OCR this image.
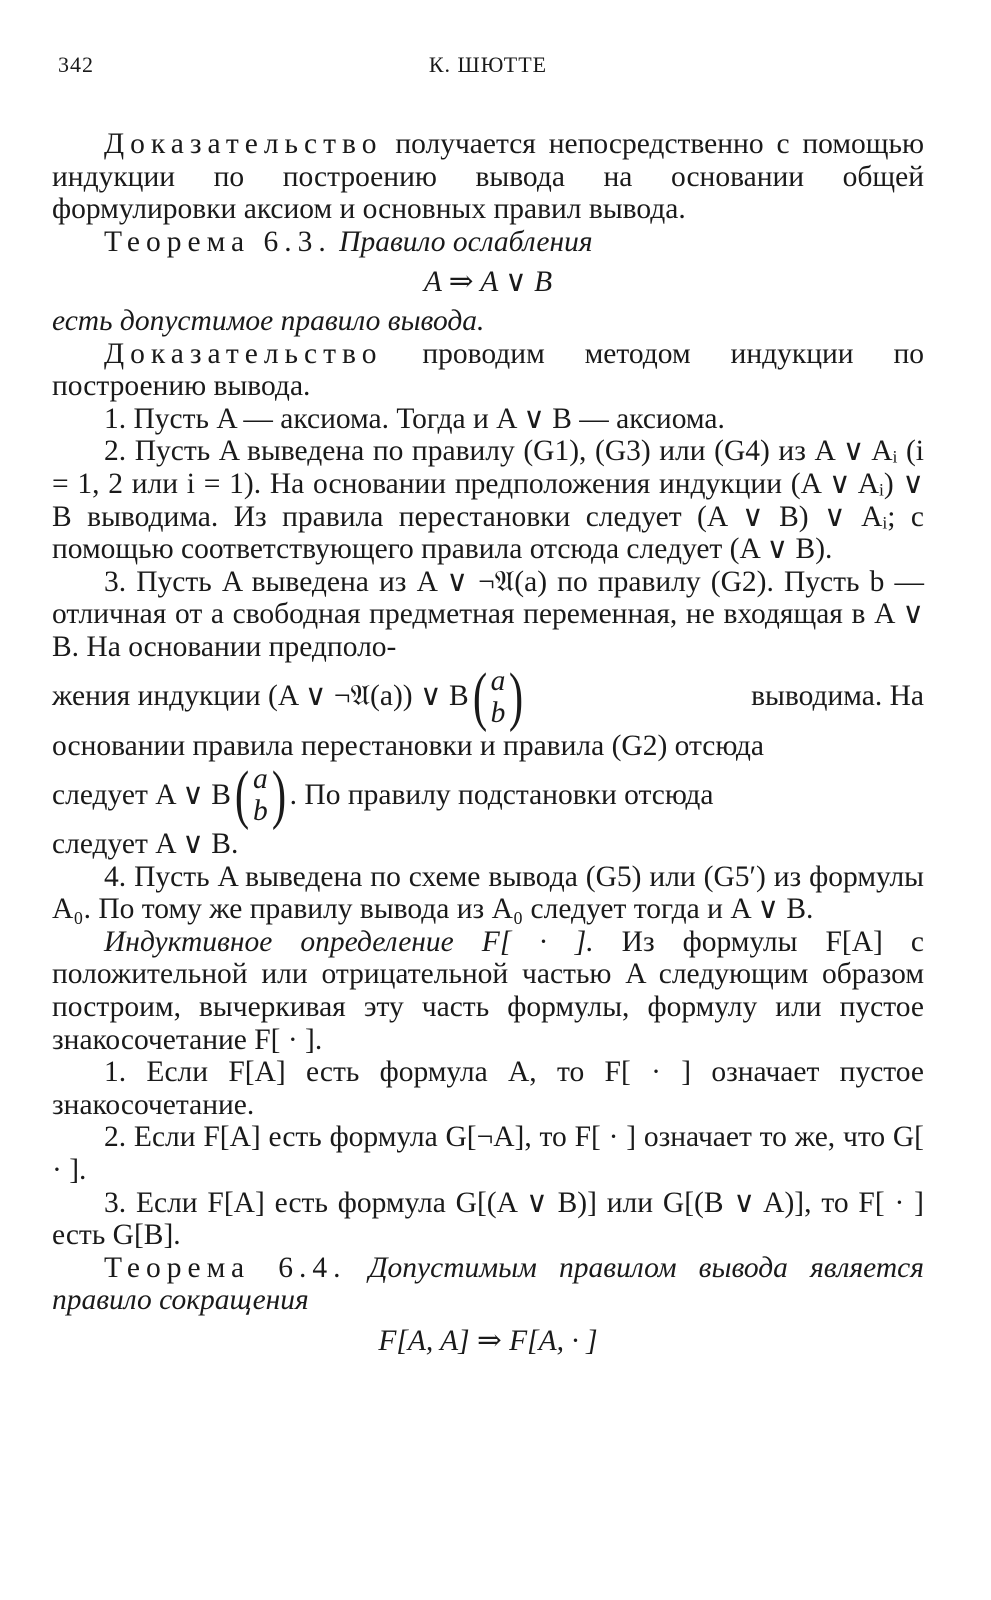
342	К. ШЮТТЕ

Доказательство получается непосредственно с помощью индукции по построению вывода на основании общей формулировки аксиом и основных правил вывода.

Теорема 6.3. Правило ослабления

A ⇒ A ∨ B

есть допустимое правило вывода.

Доказательство проводим методом индукции по построению вывода.

1. Пусть A — аксиома. Тогда и A ∨ B — аксиома.

2. Пусть A выведена по правилу (G1), (G3) или (G4) из A ∨ Aᵢ (i = 1, 2 или i = 1). На основании предположения индукции (A ∨ Aᵢ) ∨ B выводима. Из правила перестановки следует (A ∨ B) ∨ Aᵢ; с помощью соответствующего правила отсюда следует (A ∨ B).

3. Пусть A выведена из A ∨ ¬𝔄(a) по правилу (G2). Пусть b — отличная от a свободная предметная переменная, не входящая в A ∨ B. На основании предполо-

жения индукции (A ∨ ¬𝔄(a)) ∨ B ( a
b )	выводима. На

основании правила перестановки и правила (G2) отсюда

следует A ∨ B ( a
b ) . По правилу подстановки отсюда

следует A ∨ B.

4. Пусть A выведена по схеме вывода (G5) или (G5′) из формулы A₀. По тому же правилу вывода из A₀ следует тогда и A ∨ B.

Индуктивное определение F[ · ]. Из формулы F[A] с положительной или отрицательной частью A следующим образом построим, вычеркивая эту часть формулы, формулу или пустое знакосочетание F[ · ].

1. Если F[A] есть формула A, то F[ · ] означает пустое знакосочетание.

2. Если F[A] есть формула G[¬A], то F[ · ] означает то же, что G[ · ].

3. Если F[A] есть формула G[(A ∨ B)] или G[(B ∨ A)], то F[ · ] есть G[B].

Теорема 6.4. Допустимым правилом вывода является правило сокращения

F[A, A] ⇒ F[A, · ]
